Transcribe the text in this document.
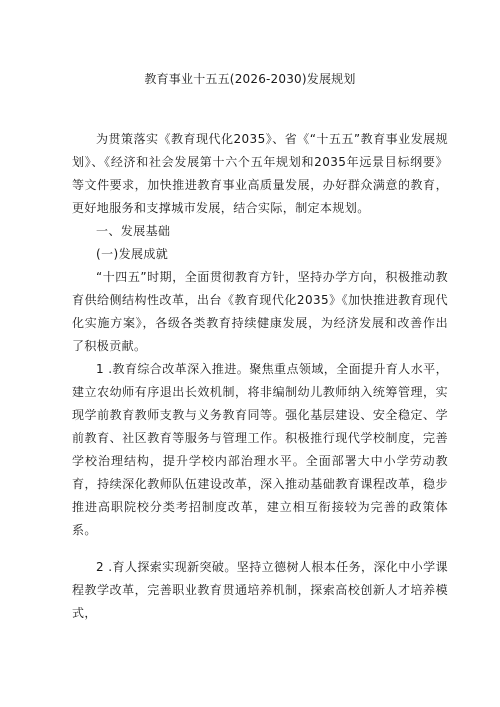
教育事业十五五(2026-2030)发展规划

为贯策落实《教育现代化2035》、省《“十五五”教育事业发展规划》、《经济和社会发展第十六个五年规划和2035年远景目标纲要》等文件要求，加快推进教育事业高质量发展，办好群众满意的教育，更好地服务和支撑城市发展，结合实际，制定本规划。

一、发展基础

(一)发展成就

“十四五”时期，全面贯彻教育方针，坚持办学方向，积极推动教育供给侧结构性改革，出台《教育现代化2035》《加快推进教育现代化实施方案》，各级各类教育持续健康发展，为经济发展和改善作出了积极贡献。

1 .教育综合改革深入推进。聚焦重点领域，全面提升育人水平，建立农幼师有序退出长效机制，将非编制幼儿教师纳入统筹管理，实现学前教育教师支教与义务教育同等。强化基层建设、安全稳定、学前教育、社区教育等服务与管理工作。积极推行现代学校制度，完善学校治理结构，提升学校内部治理水平。全面部署大中小学劳动教育，持续深化教师队伍建设改革，深入推动基础教育课程改革，稳步推进高职院校分类考招制度改革，建立相互衔接较为完善的政策体系。

2 .育人探索实现新突破。坚持立德树人根本任务，深化中小学课程教学改革，完善职业教育贯通培养机制，探索高校创新人才培养模式，
